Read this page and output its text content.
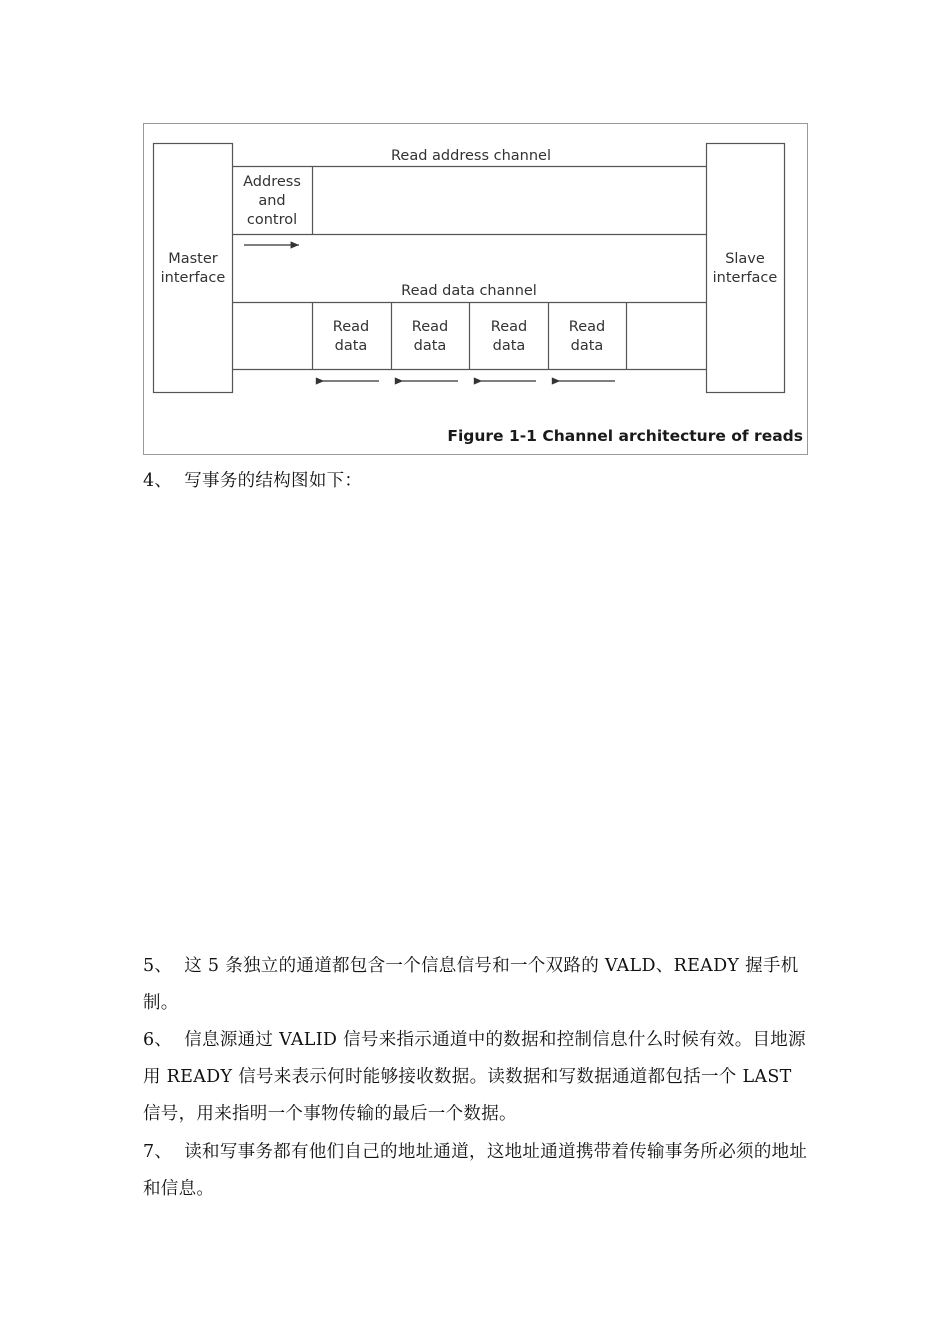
Master
interface
Slave
interface
Read address channel
Address
and
control
Read data channel
Read
data
Read
data
Read
data
Read
data
Figure 1-1 Channel architecture of reads
4、 写事务的结构图如下：
5、 这 5 条独立的通道都包含一个信息信号和一个双路的 VALD、READY 握手机制。
6、 信息源通过 VALID 信号来指示通道中的数据和控制信息什么时候有效。目地源用 READY 信号来表示何时能够接收数据。读数据和写数据通道都包括一个 LAST 信号，用来指明一个事物传输的最后一个数据。
7、 读和写事务都有他们自己的地址通道，这地址通道携带着传输事务所必须的地址和信息。
